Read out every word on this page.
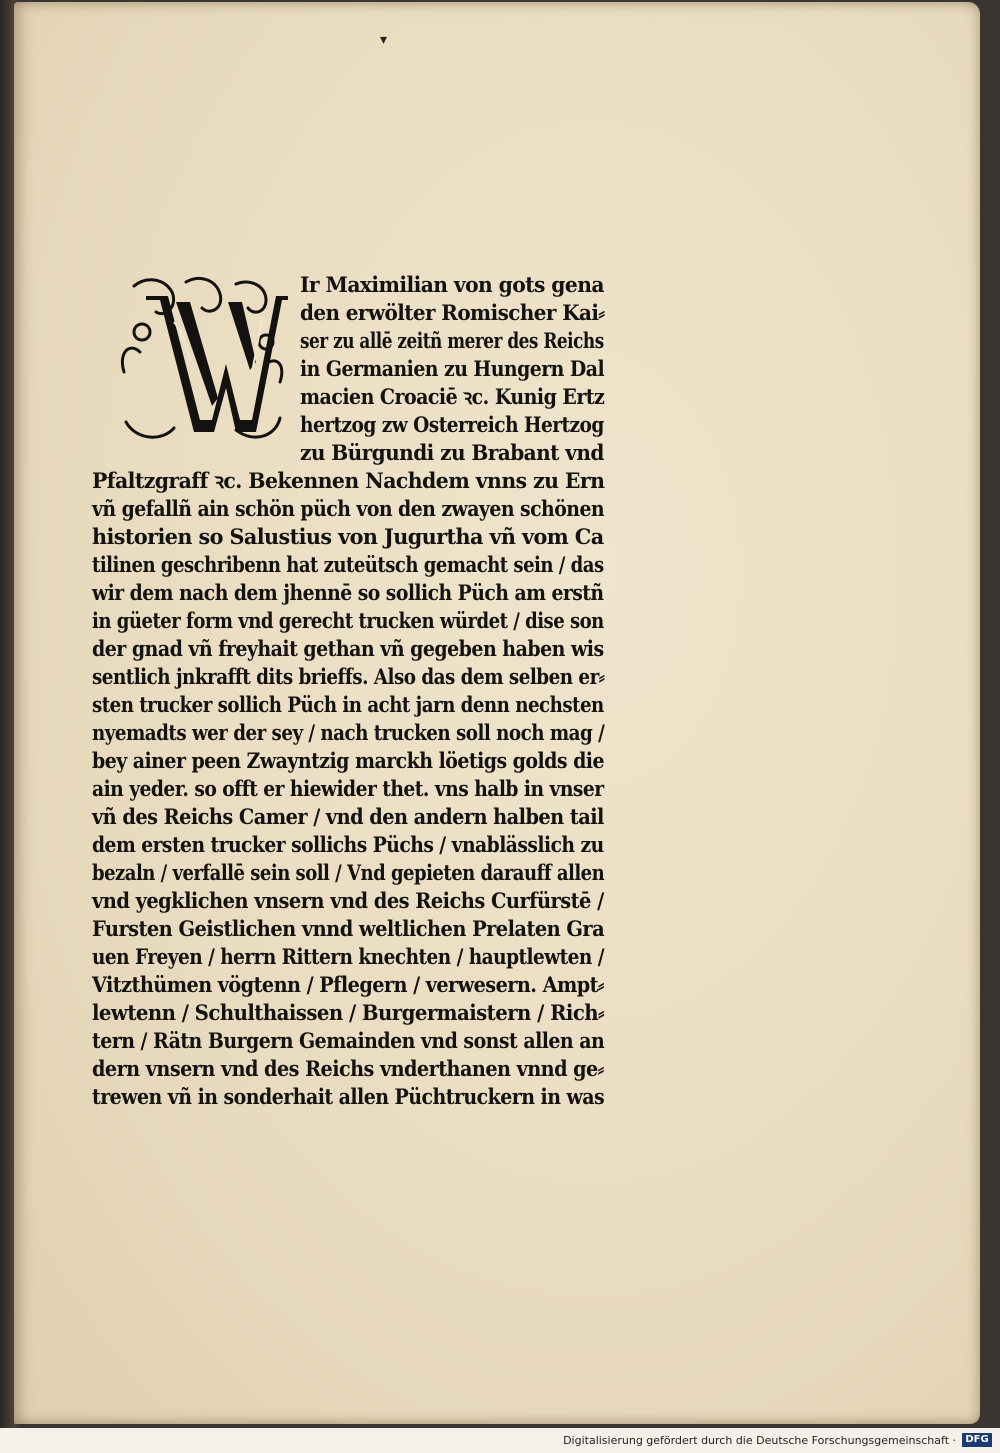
▾
Ir Maximilian von gots gena
den erwölter Romischer Kai⸗
ser zu allē zeitñ merer des Reichs
in Germanien zu Hungern Dal
macien Croaciē ꝛc. Kunig Ertz
hertzog zw Osterreich Hertzog
zu Bürgundi zu Brabant vnd
Pfaltzgraff ꝛc. Bekennen Nachdem vnns zu Ern
vñ gefallñ ain schön püch von den zwayen schönen
historien so Salustius von Jugurtha vñ vom Ca
tilinen geschribenn hat zuteütsch gemacht sein / das
wir dem nach dem jhennē so sollich Püch am erstñ
in güeter form vnd gerecht trucken würdet / dise son
der gnad vñ freyhait gethan vñ gegeben haben wis
sentlich jnkrafft dits brieffs. Also das dem selben er⸗
sten trucker sollich Püch in acht jarn denn nechsten
nyemadts wer der sey / nach trucken soll noch mag /
bey ainer peen Zwayntzig marckh löetigs golds die
ain yeder. so offt er hiewider thet. vns halb in vnser
vñ des Reichs Camer / vnd den andern halben tail
dem ersten trucker sollichs Püchs / vnablässlich zu
bezaln / verfallē sein soll / Vnd gepieten darauff allen
vnd yegklichen vnsern vnd des Reichs Curfürstē /
Fursten Geistlichen vnnd weltlichen Prelaten Gra
uen Freyen / herrn Rittern knechten / hauptlewten /
Vitzthümen vögtenn / Pflegern / verwesern. Ampt⸗
lewtenn / Schulthaissen / Burgermaistern / Rich⸗
tern / Rätn Burgern Gemainden vnd sonst allen an
dern vnsern vnd des Reichs vnderthanen vnnd ge⸗
trewen vñ in sonderhait allen Püchtruckern in was
Digitalisierung gefördert durch die Deutsche Forschungsgemeinschaft · DFG
